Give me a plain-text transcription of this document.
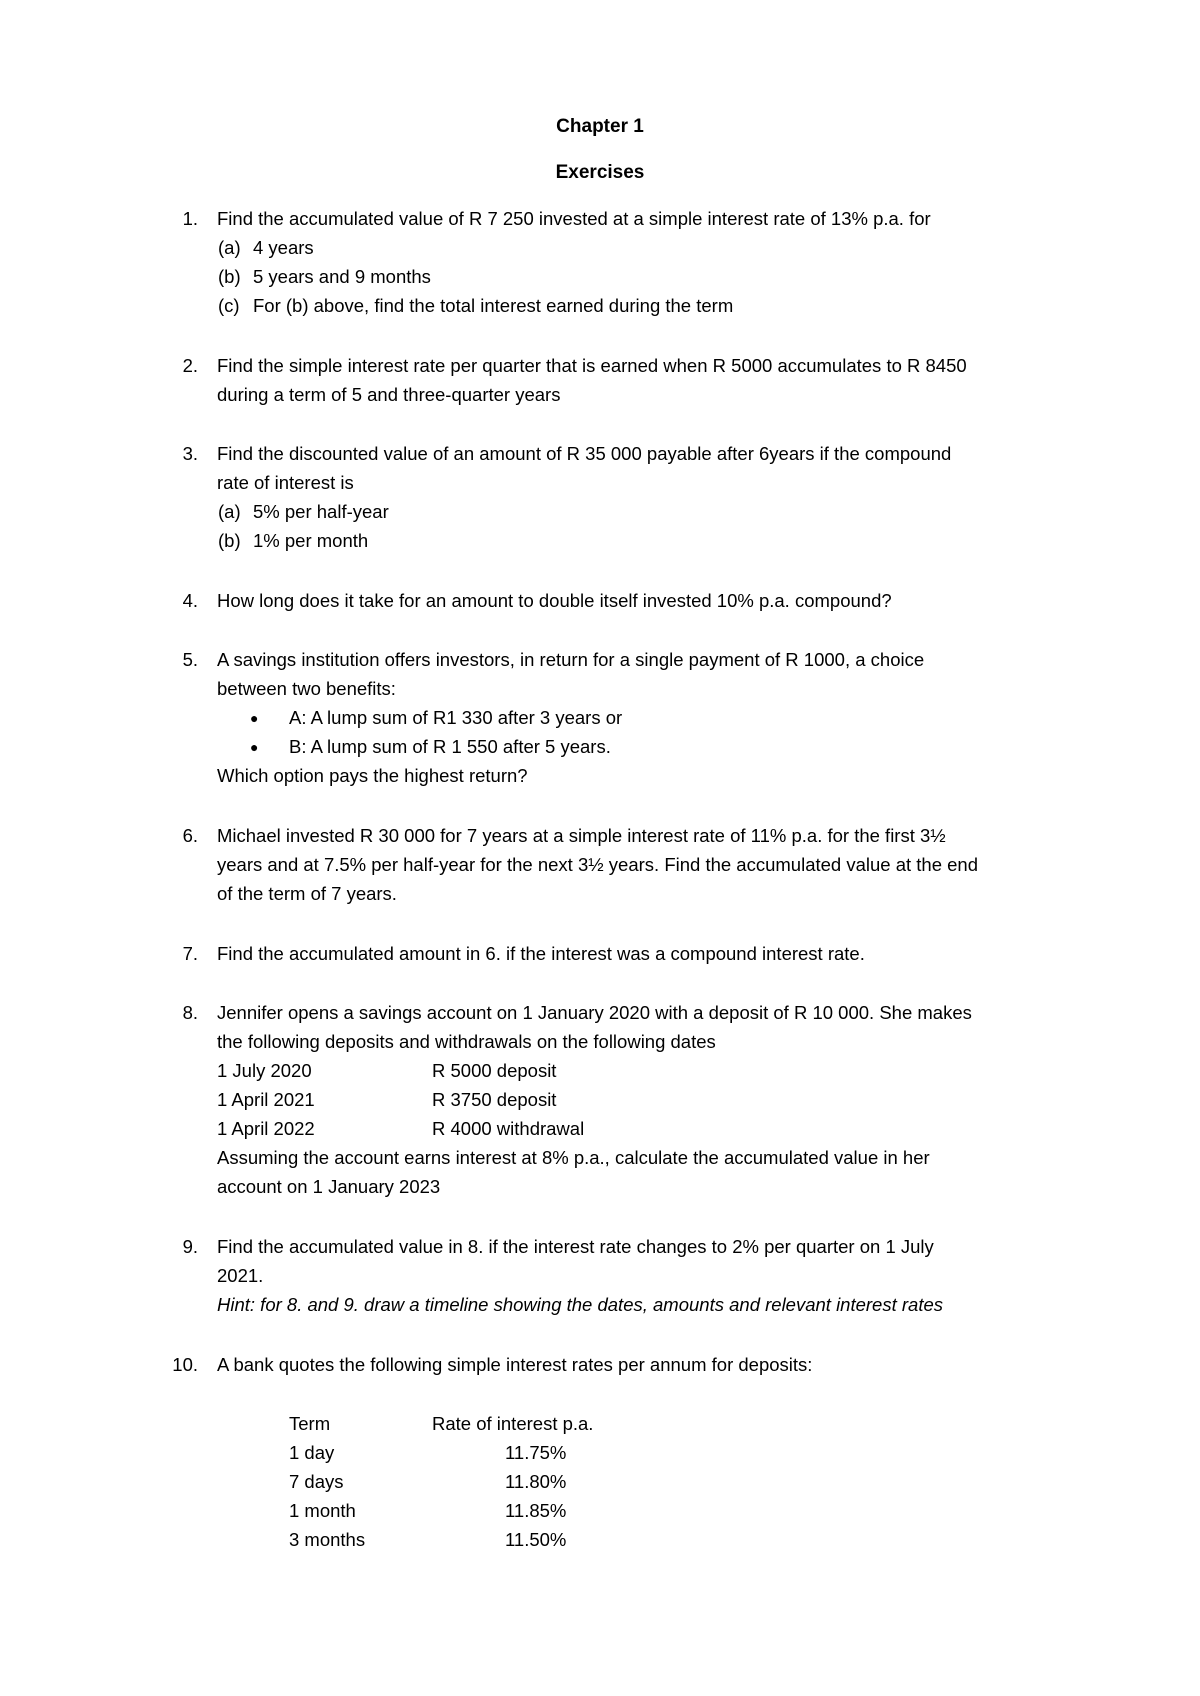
Chapter 1
Exercises
1. Find the accumulated value of R 7 250 invested at a simple interest rate of 13% p.a. for
(a) 4 years
(b) 5 years and 9 months
(c) For (b) above, find the total interest earned during the term
2. Find the simple interest rate per quarter that is earned when R 5000 accumulates to R 8450
during a term of 5 and three-quarter years
3. Find the discounted value of an amount of R 35 000 payable after 6years if the compound
rate of interest is
(a) 5% per half-year
(b) 1% per month
4. How long does it take for an amount to double itself invested 10% p.a. compound?
5. A savings institution offers investors, in return for a single payment of R 1000, a choice
between two benefits:
● A: A lump sum of R1 330 after 3 years or
● B: A lump sum of R 1 550 after 5 years.
Which option pays the highest return?
6. Michael invested R 30 000 for 7 years at a simple interest rate of 11% p.a. for the first 3½
years and at 7.5% per half-year for the next 3½ years. Find the accumulated value at the end
of the term of 7 years.
7. Find the accumulated amount in 6. if the interest was a compound interest rate.
8. Jennifer opens a savings account on 1 January 2020 with a deposit of R 10 000. She makes
the following deposits and withdrawals on the following dates
1 July 2020	R 5000 deposit
1 April 2021	R 3750 deposit
1 April 2022	R 4000 withdrawal
Assuming the account earns interest at 8% p.a., calculate the accumulated value in her
account on 1 January 2023
9. Find the accumulated value in 8. if the interest rate changes to 2% per quarter on 1 July
2021.
Hint: for 8. and 9. draw a timeline showing the dates, amounts and relevant interest rates
10. A bank quotes the following simple interest rates per annum for deposits:
Term	Rate of interest p.a.
1 day	11.75%
7 days	11.80%
1 month	11.85%
3 months	11.50%
